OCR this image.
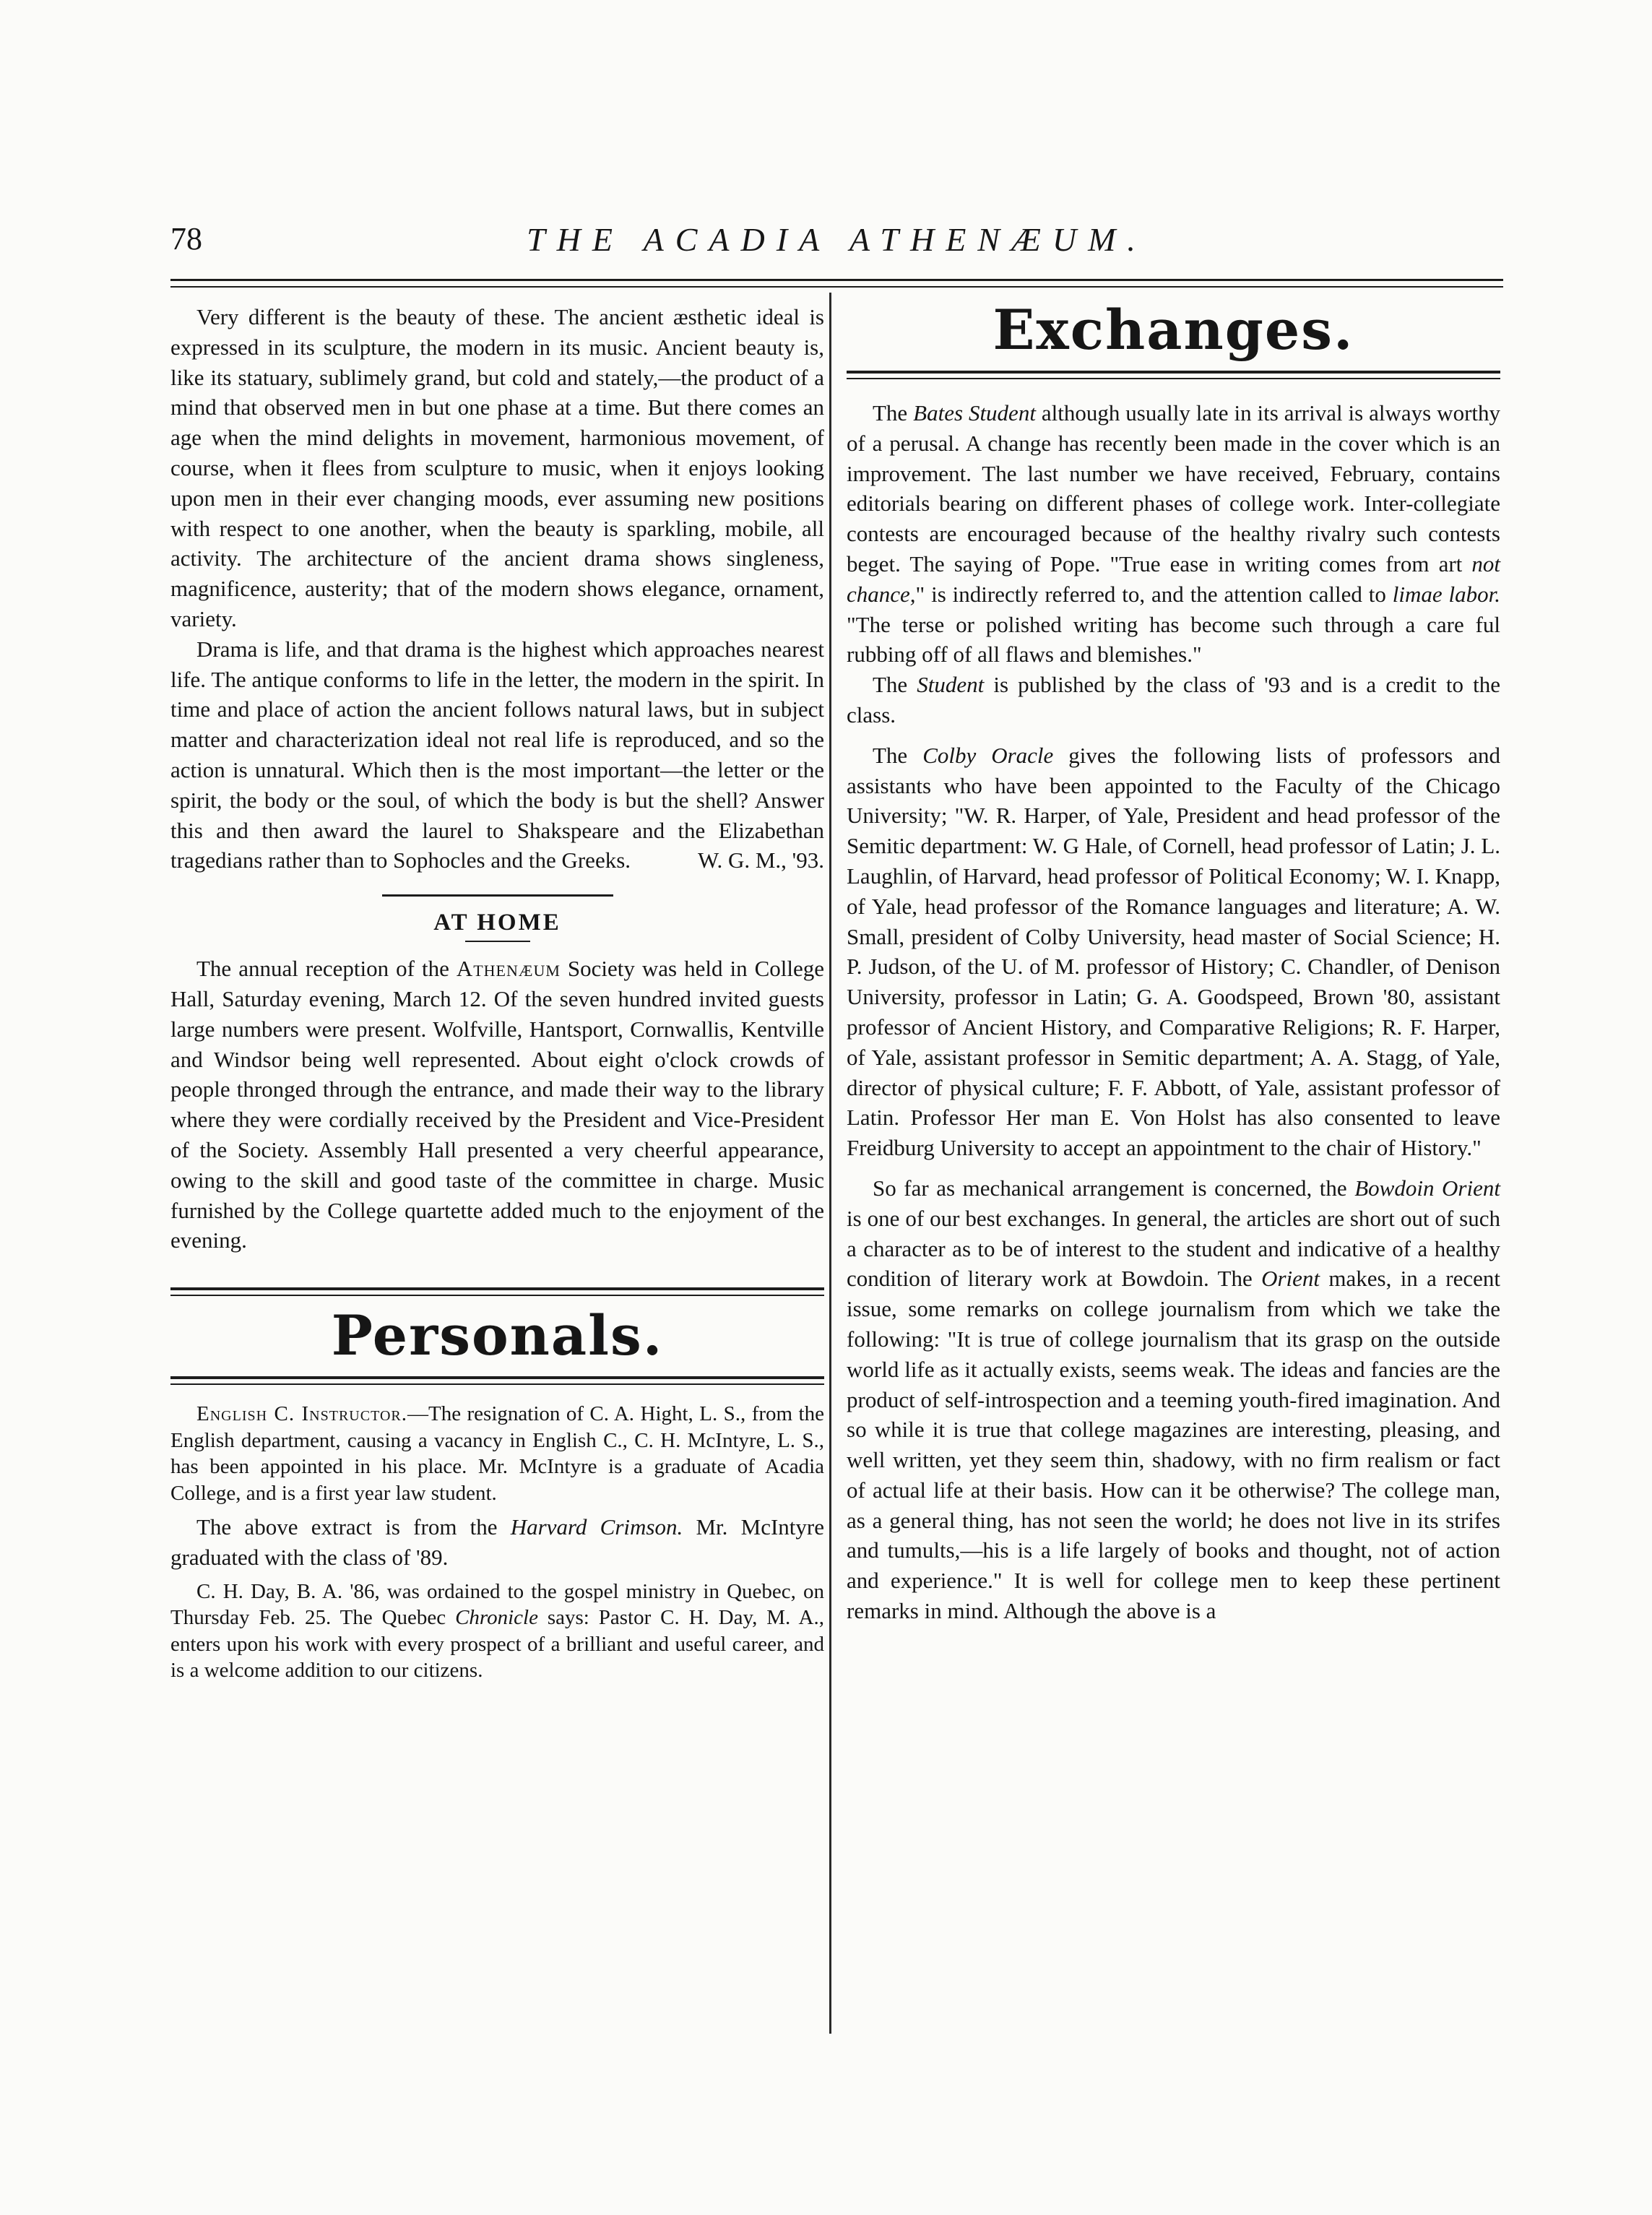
78	THE ACADIA ATHENÆUM.

Very different is the beauty of these. The ancient æsthetic ideal is expressed in its sculpture, the modern in its music. Ancient beauty is, like its statuary, sublimely grand, but cold and stately,—the product of a mind that observed men in but one phase at a time. But there comes an age when the mind delights in movement, harmonious movement, of course, when it flees from sculpture to music, when it enjoys looking upon men in their ever changing moods, ever assuming new positions with respect to one another, when the beauty is sparkling, mobile, all activity. The architecture of the ancient drama shows singleness, magnificence, austerity; that of the modern shows elegance, ornament, variety.

Drama is life, and that drama is the highest which approaches nearest life. The antique conforms to life in the letter, the modern in the spirit. In time and place of action the ancient follows natural laws, but in subject matter and characterization ideal not real life is reproduced, and so the action is unnatural. Which then is the most important—the letter or the spirit, the body or the soul, of which the body is but the shell? Answer this and then award the laurel to Shakspeare and the Elizabethan tragedians rather than to Sophocles and the Greeks.	W. G. M., '93.

AT HOME

The annual reception of the Athenæum Society was held in College Hall, Saturday evening, March 12. Of the seven hundred invited guests large numbers were present. Wolfville, Hantsport, Cornwallis, Kentville and Windsor being well represented. About eight o'clock crowds of people thronged through the entrance, and made their way to the library where they were cordially received by the President and Vice-President of the Society. Assembly Hall presented a very cheerful appearance, owing to the skill and good taste of the committee in charge. Music furnished by the College quartette added much to the enjoyment of the evening.

Personals.

English C. Instructor.—The resignation of C. A. Hight, L. S., from the English department, causing a vacancy in English C., C. H. McIntyre, L. S., has been appointed in his place. Mr. McIntyre is a graduate of Acadia College, and is a first year law student.

The above extract is from the Harvard Crimson. Mr. McIntyre graduated with the class of '89.

C. H. Day, B. A. '86, was ordained to the gospel ministry in Quebec, on Thursday Feb. 25. The Quebec Chronicle says: Pastor C. H. Day, M. A., enters upon his work with every prospect of a brilliant and useful career, and is a welcome addition to our citizens.

Exchanges.

The Bates Student although usually late in its arrival is always worthy of a perusal. A change has recently been made in the cover which is an improvement. The last number we have received, February, contains editorials bearing on different phases of college work. Inter-collegiate contests are encouraged because of the healthy rivalry such contests beget. The saying of Pope. "True ease in writing comes from art not chance," is indirectly referred to, and the attention called to limae labor. "The terse or polished writing has become such through a care ful rubbing off of all flaws and blemishes."

The Student is published by the class of '93 and is a credit to the class.

The Colby Oracle gives the following lists of professors and assistants who have been appointed to the Faculty of the Chicago University; "W. R. Harper, of Yale, President and head professor of the Semitic department: W. G Hale, of Cornell, head professor of Latin; J. L. Laughlin, of Harvard, head professor of Political Economy; W. I. Knapp, of Yale, head professor of the Romance languages and literature; A. W. Small, president of Colby University, head master of Social Science; H. P. Judson, of the U. of M. professor of History; C. Chandler, of Denison University, professor in Latin; G. A. Goodspeed, Brown '80, assistant professor of Ancient History, and Comparative Religions; R. F. Harper, of Yale, assistant professor in Semitic department; A. A. Stagg, of Yale, director of physical culture; F. F. Abbott, of Yale, assistant professor of Latin. Professor Her man E. Von Holst has also consented to leave Freidburg University to accept an appointment to the chair of History."

So far as mechanical arrangement is concerned, the Bowdoin Orient is one of our best exchanges. In general, the articles are short out of such a character as to be of interest to the student and indicative of a healthy condition of literary work at Bowdoin. The Orient makes, in a recent issue, some remarks on college journalism from which we take the following: "It is true of college journalism that its grasp on the outside world life as it actually exists, seems weak. The ideas and fancies are the product of self-introspection and a teeming youth-fired imagination. And so while it is true that college magazines are interesting, pleasing, and well written, yet they seem thin, shadowy, with no firm realism or fact of actual life at their basis. How can it be otherwise? The college man, as a general thing, has not seen the world; he does not live in its strifes and tumults,—his is a life largely of books and thought, not of action and experience." It is well for college men to keep these pertinent remarks in mind. Although the above is a
